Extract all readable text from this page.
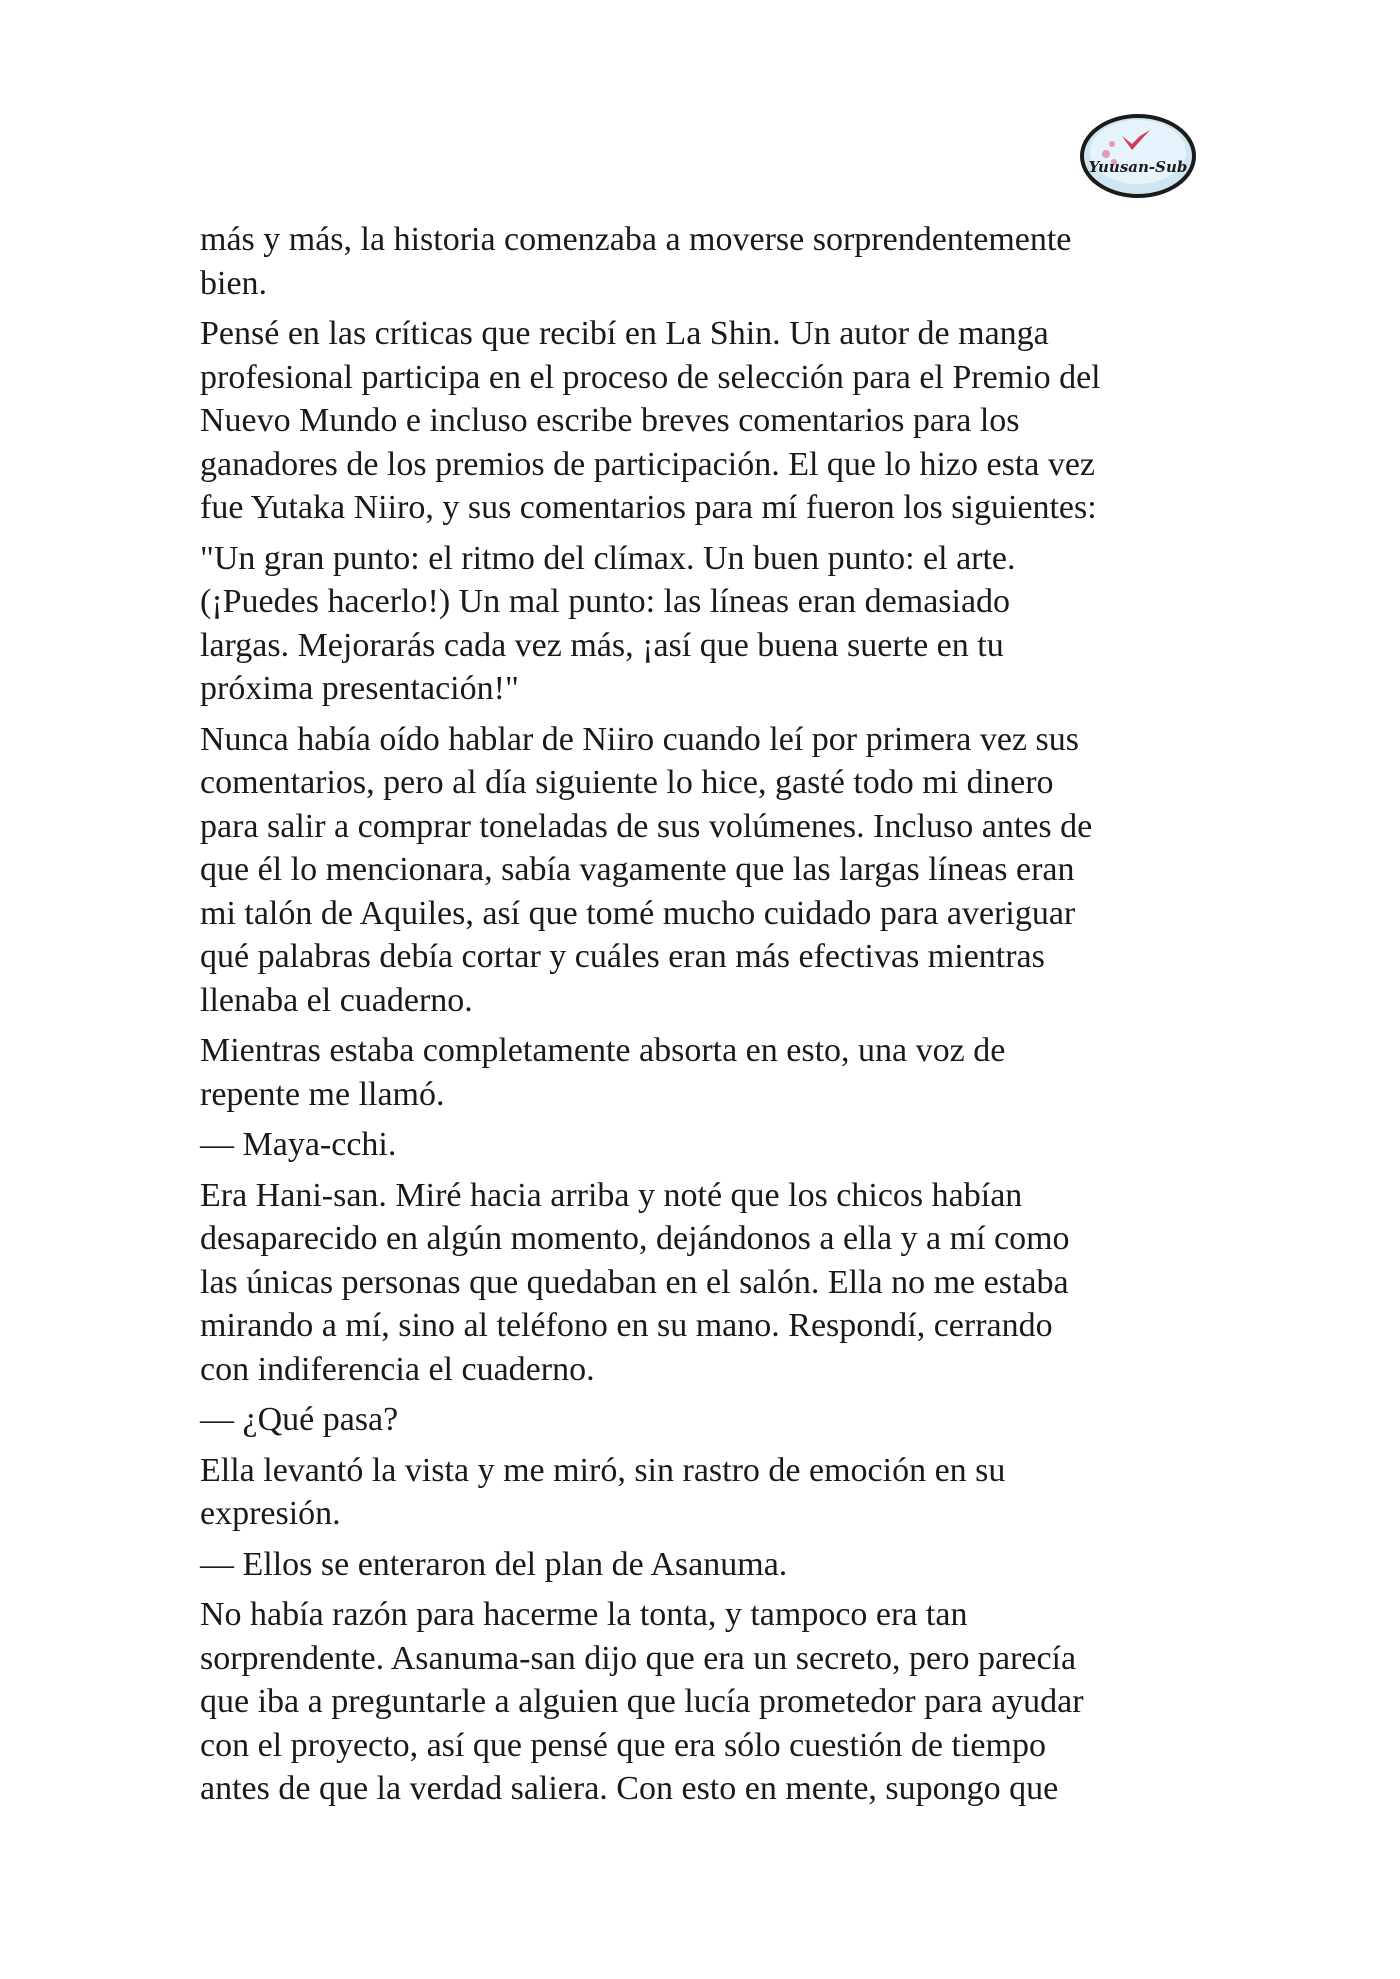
Yuusan-Sub

más y más, la historia comenzaba a moverse sorprendentemente
bien.

Pensé en las críticas que recibí en La Shin. Un autor de manga
profesional participa en el proceso de selección para el Premio del
Nuevo Mundo e incluso escribe breves comentarios para los
ganadores de los premios de participación. El que lo hizo esta vez
fue Yutaka Niiro, y sus comentarios para mí fueron los siguientes:

"Un gran punto: el ritmo del clímax. Un buen punto: el arte.
(¡Puedes hacerlo!) Un mal punto: las líneas eran demasiado
largas. Mejorarás cada vez más, ¡así que buena suerte en tu
próxima presentación!"

Nunca había oído hablar de Niiro cuando leí por primera vez sus
comentarios, pero al día siguiente lo hice, gasté todo mi dinero
para salir a comprar toneladas de sus volúmenes. Incluso antes de
que él lo mencionara, sabía vagamente que las largas líneas eran
mi talón de Aquiles, así que tomé mucho cuidado para averiguar
qué palabras debía cortar y cuáles eran más efectivas mientras
llenaba el cuaderno.

Mientras estaba completamente absorta en esto, una voz de
repente me llamó.

— Maya-cchi.

Era Hani-san. Miré hacia arriba y noté que los chicos habían
desaparecido en algún momento, dejándonos a ella y a mí como
las únicas personas que quedaban en el salón. Ella no me estaba
mirando a mí, sino al teléfono en su mano. Respondí, cerrando
con indiferencia el cuaderno.

— ¿Qué pasa?

Ella levantó la vista y me miró, sin rastro de emoción en su
expresión.

— Ellos se enteraron del plan de Asanuma.

No había razón para hacerme la tonta, y tampoco era tan
sorprendente. Asanuma-san dijo que era un secreto, pero parecía
que iba a preguntarle a alguien que lucía prometedor para ayudar
con el proyecto, así que pensé que era sólo cuestión de tiempo
antes de que la verdad saliera. Con esto en mente, supongo que
